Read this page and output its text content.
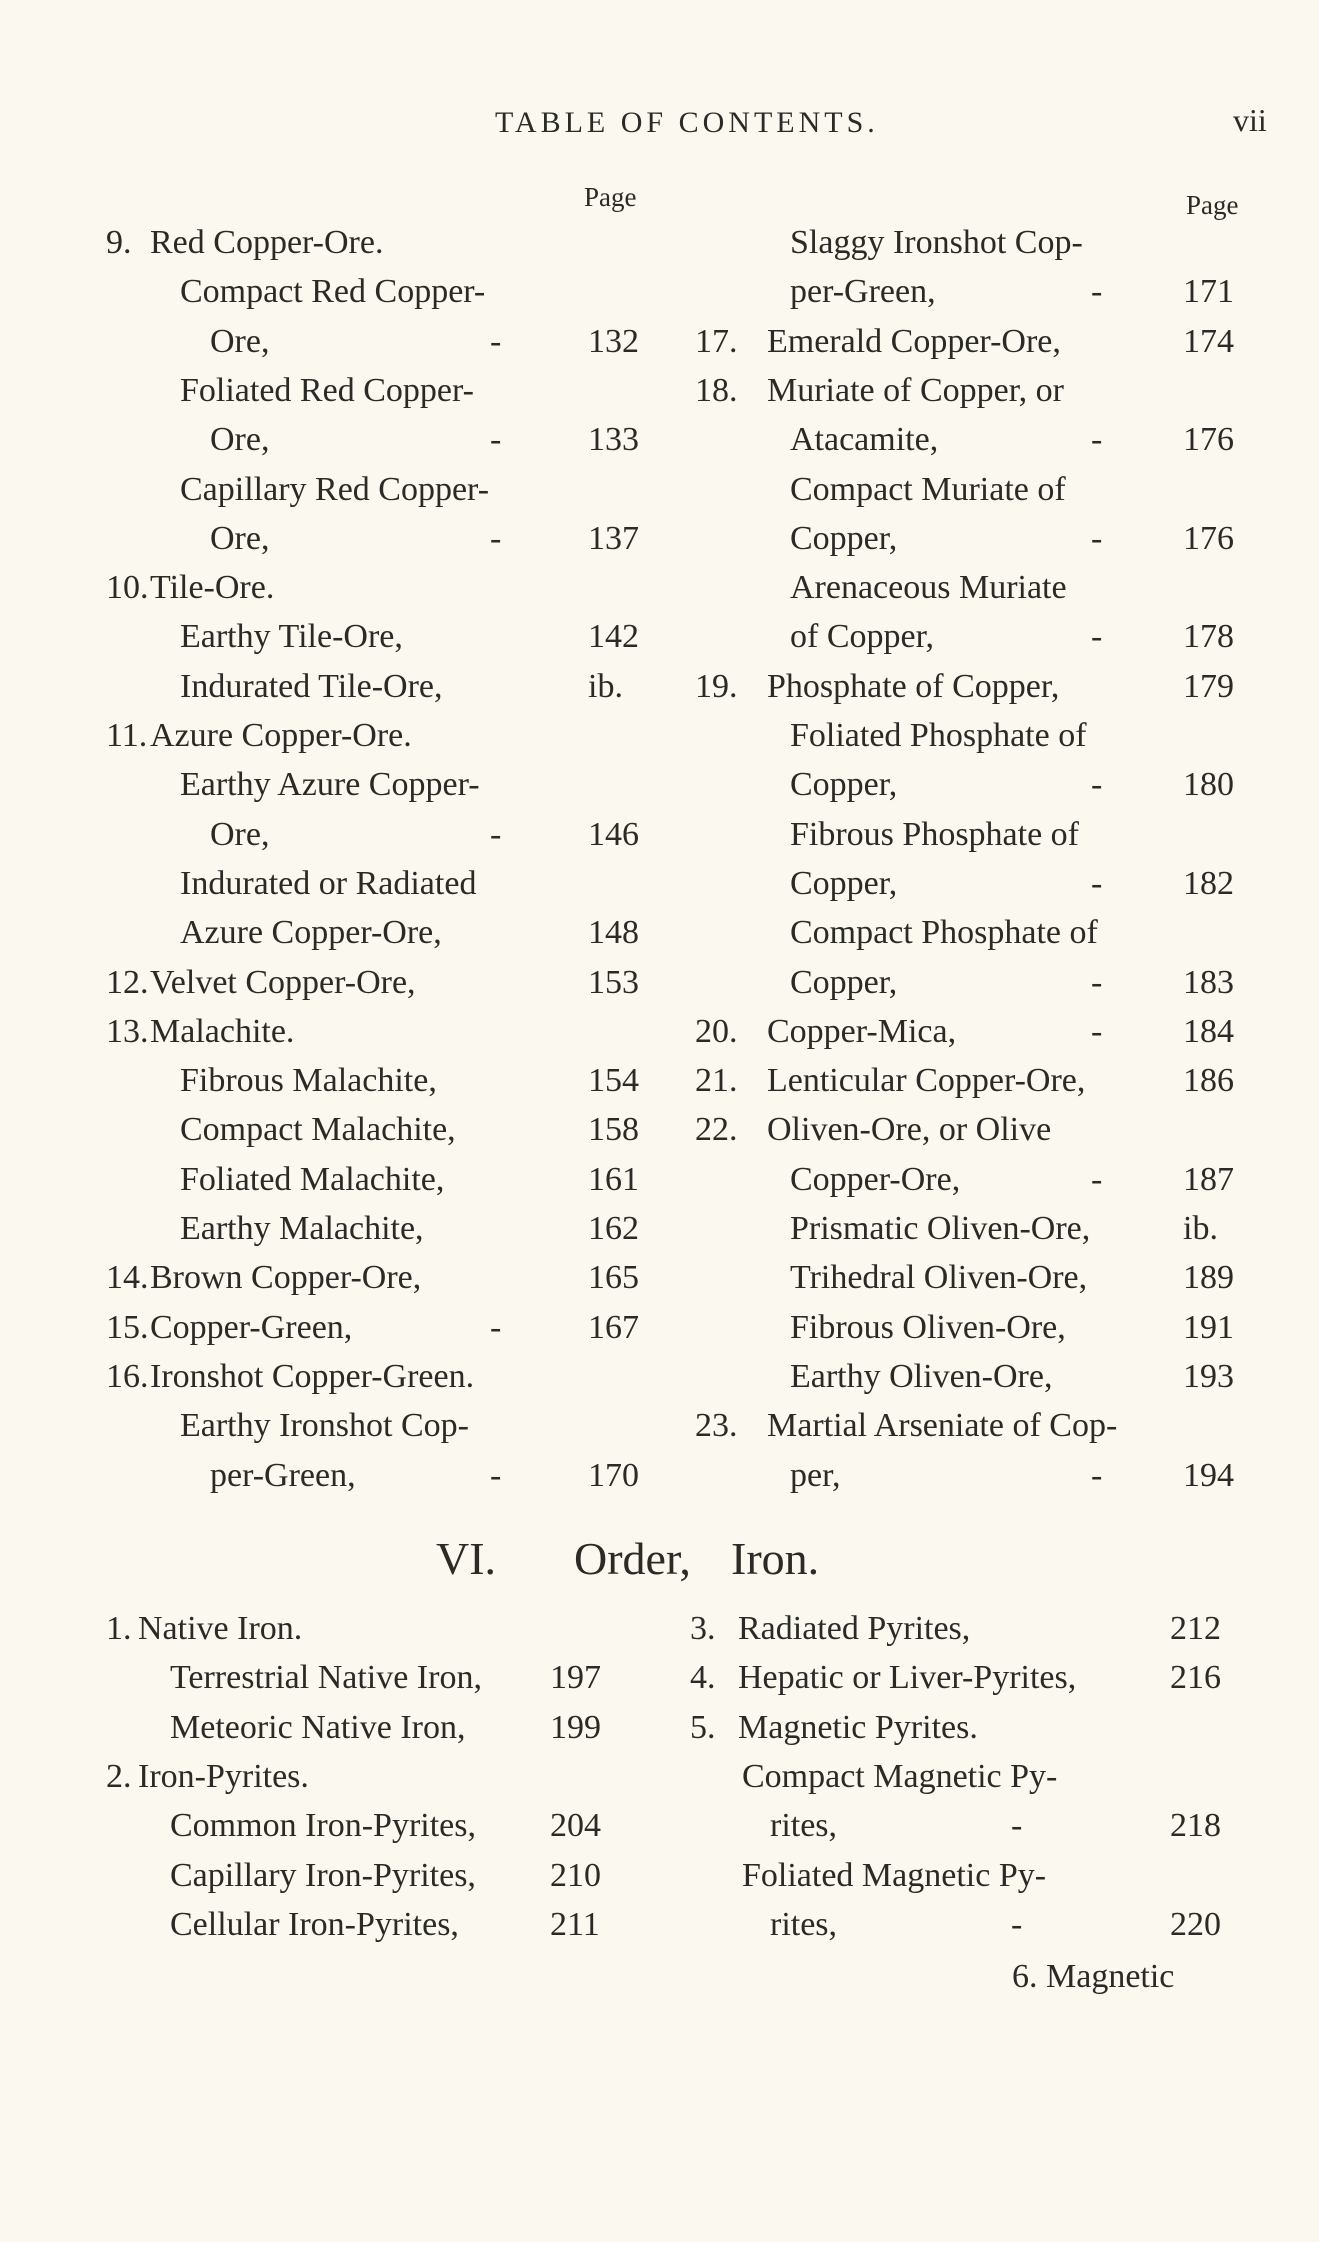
TABLE OF CONTENTS.	vii
Page	Page
9. Red Copper-Ore.
Compact Red Copper-
Ore,	-	132
Foliated Red Copper-
Ore,	-	133
Capillary Red Copper-
Ore,	-	137
10. Tile-Ore.
Earthy Tile-Ore,	142
Indurated Tile-Ore,	ib.
11. Azure Copper-Ore.
Earthy Azure Copper-
Ore,	-	146
Indurated or Radiated
Azure Copper-Ore,	148
12. Velvet Copper-Ore,	153
13. Malachite.
Fibrous Malachite,	154
Compact Malachite,	158
Foliated Malachite,	161
Earthy Malachite,	162
14. Brown Copper-Ore,	165
15. Copper-Green,	-	167
16. Ironshot Copper-Green.
Earthy Ironshot Cop-
per-Green,	-	170
Slaggy Ironshot Cop-
per-Green,	- 171
17. Emerald Copper-Ore,	174
18. Muriate of Copper, or
Atacamite,	- 176
Compact Muriate of
Copper,	- 176
Arenaceous Muriate
of Copper,	- 178
19. Phosphate of Copper,	179
Foliated Phosphate of
Copper,	- 180
Fibrous Phosphate of
Copper,	- 182
Compact Phosphate of
Copper,	- 183
20. Copper-Mica,	- 184
21. Lenticular Copper-Ore,	186
22. Oliven-Ore, or Olive
Copper-Ore,	- 187
Prismatic Oliven-Ore,	ib.
Trihedral Oliven-Ore,	189
Fibrous Oliven-Ore,	191
Earthy Oliven-Ore,	193
23. Martial Arseniate of Cop-
per,	- 194
VI. Order, Iron.
1. Native Iron.
Terrestrial Native Iron, 197
Meteoric Native Iron, 199
2. Iron-Pyrites.
Common Iron-Pyrites, 204
Capillary Iron-Pyrites, 210
Cellular Iron-Pyrites,	211
3. Radiated Pyrites,	212
4. Hepatic or Liver-Pyrites,	216
5. Magnetic Pyrites.
Compact Magnetic Py-
rites,	-	218
Foliated Magnetic Py-
rites,	-	220
6. Magnetic
